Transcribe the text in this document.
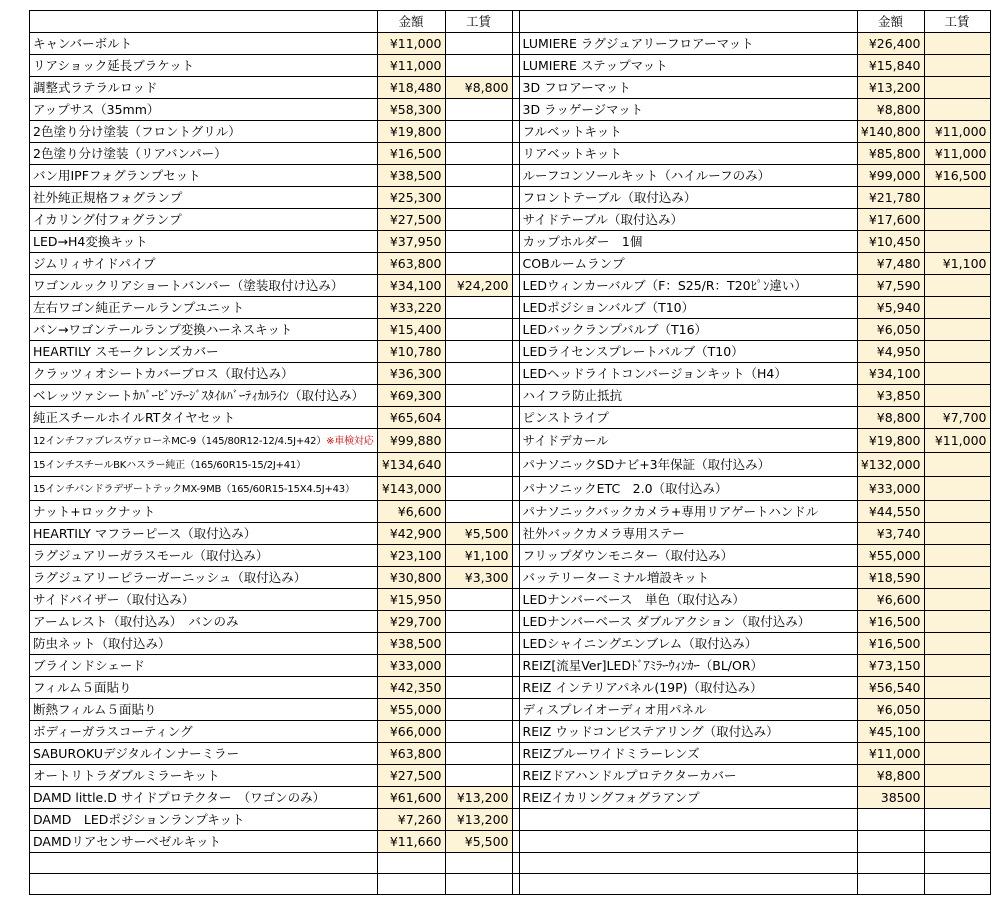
	金額	工賃			金額	工賃
キャンバーボルト	¥11,000			LUMIERE ラグジュアリーフロアーマット	¥26,400	
リアショック延長ブラケット	¥11,000			LUMIERE ステップマット	¥15,840	
調整式ラテラルロッド	¥18,480	¥8,800		3D フロアーマット	¥13,200	
アップサス（35mm）	¥58,300			3D ラッゲージマット	¥8,800	
2色塗り分け塗装（フロントグリル）	¥19,800			フルベットキット	¥140,800	¥11,000
2色塗り分け塗装（リアバンパー）	¥16,500			リアベットキット	¥85,800	¥11,000
バン用IPFフォグランプセット	¥38,500			ルーフコンソールキット（ハイルーフのみ）	¥99,000	¥16,500
社外純正規格フォグランプ	¥25,300			フロントテーブル（取付込み）	¥21,780	
イカリング付フォグランプ	¥27,500			サイドテーブル（取付込み）	¥17,600	
LED→H4変換キット	¥37,950			カップホルダー　1個	¥10,450	
ジムリィサイドパイプ	¥63,800			COBルームランプ	¥7,480	¥1,100
ワゴンルックリアショートバンパー（塗装取付け込み）	¥34,100	¥24,200		LEDウィンカーバルブ（F：S25/R：T20ﾋﾟﾝ違い）	¥7,590	
左右ワゴン純正テールランプユニット	¥33,220			LEDポジションバルブ（T10）	¥5,940	
バン→ワゴンテールランプ変換ハーネスキット	¥15,400			LEDバックランプバルブ（T16）	¥6,050	
HEARTILY スモークレンズカバー	¥10,780			LEDライセンスプレートバルブ（T10）	¥4,950	
クラッツィオシートカバーブロス（取付込み）	¥36,300			LEDヘッドライトコンバージョンキット（H4）	¥34,100	
ベレッツァシートｶﾊﾞｰﾋﾞﾝﾃｰｼﾞｽﾀｲﾙﾊﾞｰﾃｨｶﾙﾗｲﾝ（取付込み）	¥69,300			ハイフラ防止抵抗	¥3,850	
純正スチールホイルRTタイヤセット	¥65,604			ピンストライプ	¥8,800	¥7,700
12インチファブレスヴァローネMC-9（145/80R12-12/4.5J+42）※車検対応	¥99,880			サイドデカール	¥19,800	¥11,000
15インチスチールBKハスラー純正（165/60R15-15/2J+41）	¥134,640			パナソニックSDナビ+3年保証（取付込み）	¥132,000	
15インチバンドラデザートテックMX-9MB（165/60R15-15X4.5J+43）	¥143,000			パナソニックETC　2.0（取付込み）	¥33,000	
ナット+ロックナット	¥6,600			パナソニックバックカメラ+専用リアゲートハンドル	¥44,550	
HEARTILY マフラーピース（取付込み）	¥42,900	¥5,500		社外バックカメラ専用ステー	¥3,740	
ラグジュアリーガラスモール（取付込み）	¥23,100	¥1,100		フリップダウンモニター（取付込み）	¥55,000	
ラグジュアリーピラーガーニッシュ（取付込み）	¥30,800	¥3,300		バッテリーターミナル増設キット	¥18,590	
サイドバイザー（取付込み）	¥15,950			LEDナンバーベース　単色（取付込み）	¥6,600	
アームレスト（取付込み）　バンのみ	¥29,700			LEDナンバーベース ダブルアクション（取付込み）	¥16,500	
防虫ネット（取付込み）	¥38,500			LEDシャイニングエンブレム（取付込み）	¥16,500	
ブラインドシェード	¥33,000			REIZ[流星Ver]LEDﾄﾞｱﾐﾗｰｳｨﾝｶｰ（BL/OR）	¥73,150	
フィルム５面貼り	¥42,350			REIZ インテリアパネル(19P)（取付込み）	¥56,540	
断熱フィルム５面貼り	¥55,000			ディスプレイオーディオ用パネル	¥6,050	
ボディーガラスコーティング	¥66,000			REIZ ウッドコンビステアリング（取付込み）	¥45,100	
SABUROKUデジタルインナーミラー	¥63,800			REIZブルーワイドミラーレンズ	¥11,000	
オートリトラダブルミラーキット	¥27,500			REIZドアハンドルプロテクターカバー	¥8,800	
DAMD little.D サイドプロテクター　（ワゴンのみ）	¥61,600	¥13,200		REIZイカリングフォグラアンプ	38500	
DAMD　LEDポジションランプキット	¥7,260	¥13,200				
DAMDリアセンサーベゼルキット	¥11,660	¥5,500				
